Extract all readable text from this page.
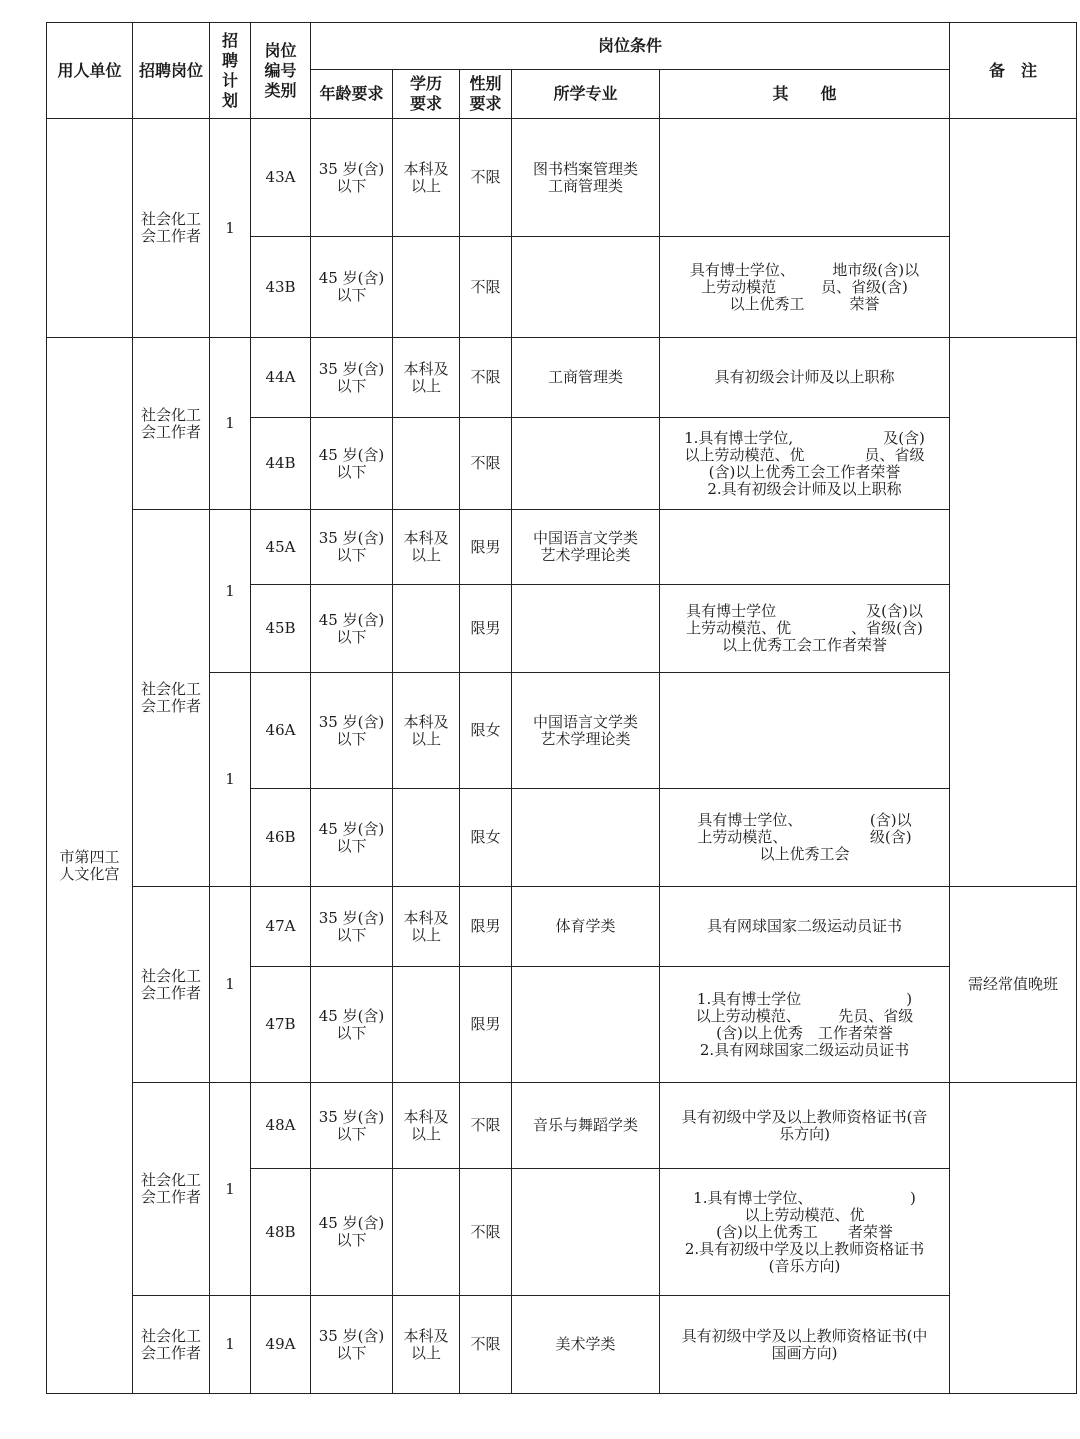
用人单位	招聘岗位	招
聘
计
划	岗位
编号
类别	岗位条件					备　注
				年龄要求	学历
要求	性别
要求	所学专业	其　　他	
	社会化工
会工作者	1	43A	35 岁(含)
以下	本科及
以上	不限	图书档案管理类
工商管理类		
			43B	45 岁(含)
以下		不限		具有博士学位、　　　地市级(含)以
上劳动模范　　　员、省级(含)
以上优秀工　　　荣誉	
市第四工
人文化宫	社会化工
会工作者	1	44A	35 岁(含)
以下	本科及
以上	不限	工商管理类	具有初级会计师及以上职称	
			44B	45 岁(含)
以下		不限		1.具有博士学位,　　　　　　及(含)
以上劳动模范、优　　　　员、省级
(含)以上优秀工会工作者荣誉
2.具有初级会计师及以上职称	
	社会化工
会工作者	1	45A	35 岁(含)
以下	本科及
以上	限男	中国语言文学类
艺术学理论类		
			45B	45 岁(含)
以下		限男		具有博士学位　　　　　　及(含)以
上劳动模范、优　　　　、省级(含)
以上优秀工会工作者荣誉	
		1	46A	35 岁(含)
以下	本科及
以上	限女	中国语言文学类
艺术学理论类		
			46B	45 岁(含)
以下		限女		具有博士学位、　　　　　(含)以
上劳动模范、　　　　　　级(含)
以上优秀工会	
	社会化工
会工作者	1	47A	35 岁(含)
以下	本科及
以上	限男	体育学类	具有网球国家二级运动员证书	需经常值晚班
			47B	45 岁(含)
以下		限男		1.具有博士学位　　　　　　　)
以上劳动模范、　　　先员、省级
(含)以上优秀　工作者荣誉
2.具有网球国家二级运动员证书	
	社会化工
会工作者	1	48A	35 岁(含)
以下	本科及
以上	不限	音乐与舞蹈学类	具有初级中学及以上教师资格证书(音
乐方向)	
			48B	45 岁(含)
以下		不限		1.具有博士学位、　　　　　　　)
以上劳动模范、优　　　　　　
(含)以上优秀工　　者荣誉
2.具有初级中学及以上教师资格证书
(音乐方向)	
	社会化工
会工作者	1	49A	35 岁(含)
以下	本科及
以上	不限	美术学类	具有初级中学及以上教师资格证书(中
国画方向)	
